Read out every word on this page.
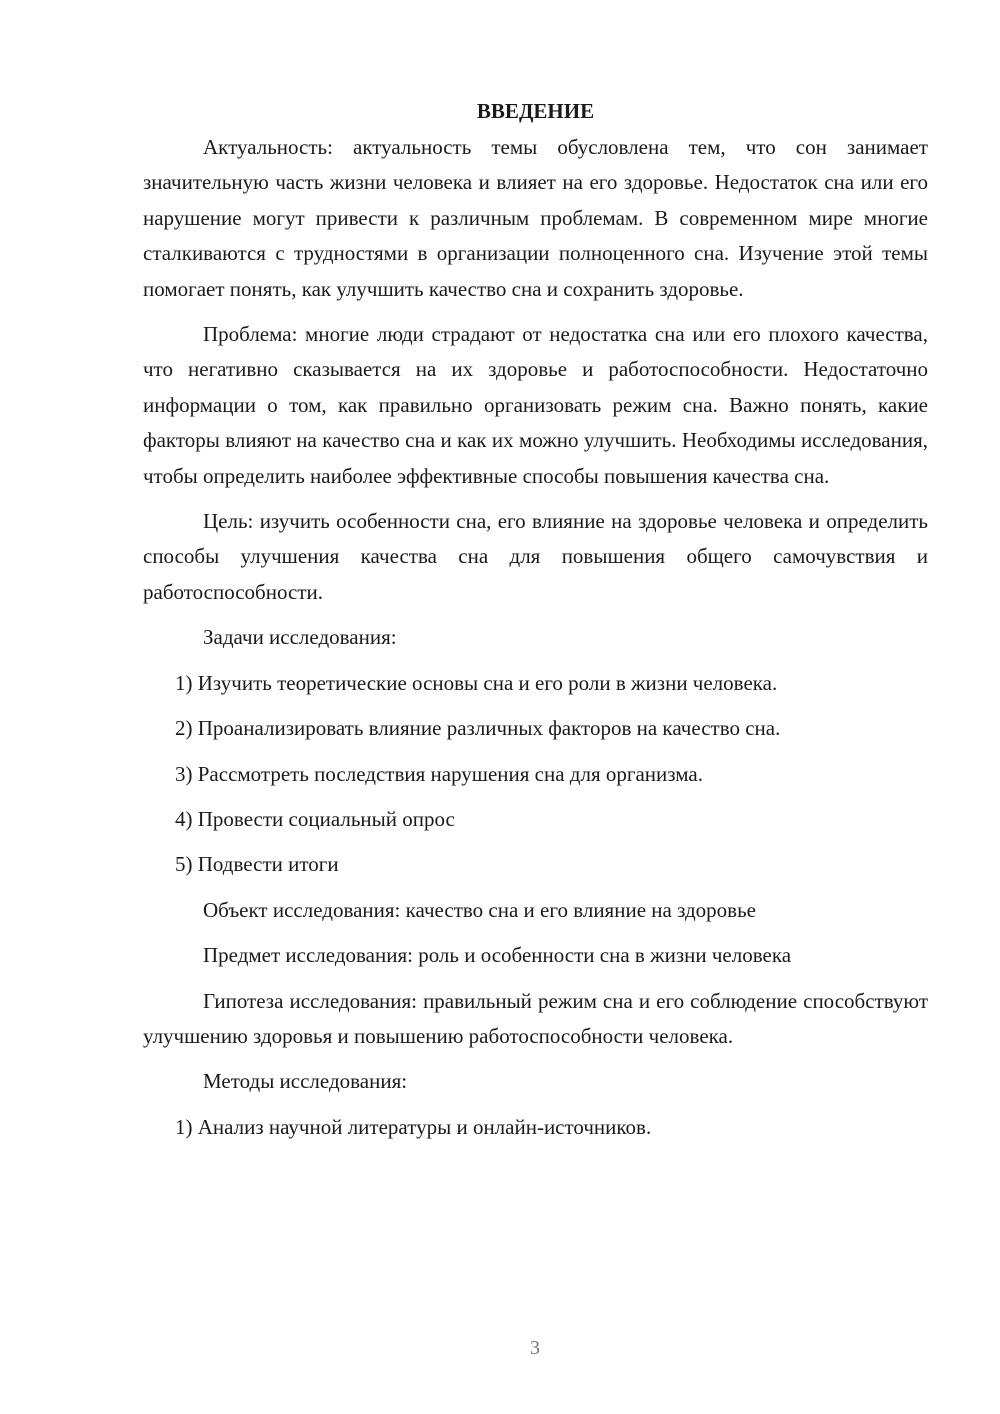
ВВЕДЕНИЕ

Актуальность: актуальность темы обусловлена тем, что сон занимает значительную часть жизни человека и влияет на его здоровье. Недостаток сна или его нарушение могут привести к различным проблемам. В современном мире многие сталкиваются с трудностями в организации полноценного сна. Изучение этой темы помогает понять, как улучшить качество сна и сохранить здоровье.

Проблема: многие люди страдают от недостатка сна или его плохого качества, что негативно сказывается на их здоровье и работоспособности. Недостаточно информации о том, как правильно организовать режим сна. Важно понять, какие факторы влияют на качество сна и как их можно улучшить. Необходимы исследования, чтобы определить наиболее эффективные способы повышения качества сна.

Цель: изучить особенности сна, его влияние на здоровье человека и определить способы улучшения качества сна для повышения общего самочувствия и работоспособности.

Задачи исследования:

1) Изучить теоретические основы сна и его роли в жизни человека.

2) Проанализировать влияние различных факторов на качество сна.

3) Рассмотреть последствия нарушения сна для организма.

4) Провести социальный опрос

5) Подвести итоги

Объект исследования: качество сна и его влияние на здоровье

Предмет исследования: роль и особенности сна в жизни человека

Гипотеза исследования: правильный режим сна и его соблюдение способствуют улучшению здоровья и повышению работоспособности человека.

Методы исследования:

1) Анализ научной литературы и онлайн-источников.

3
